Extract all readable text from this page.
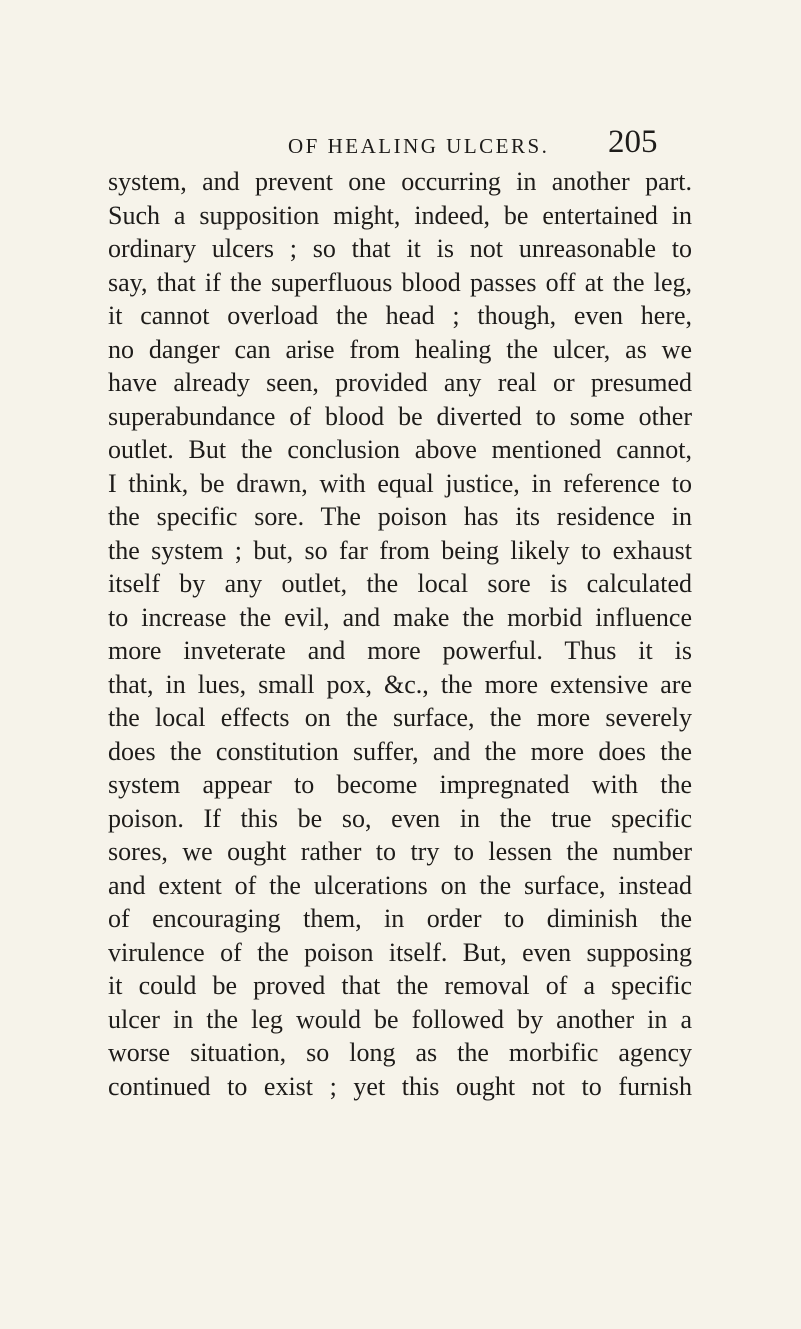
OF HEALING ULCERS. 205
system, and prevent one occurring in another part.
Such a supposition might, indeed, be entertained in
ordinary ulcers ; so that it is not unreasonable to
say, that if the superfluous blood passes off at the leg,
it cannot overload the head ; though, even here,
no danger can arise from healing the ulcer, as we
have already seen, provided any real or presumed
superabundance of blood be diverted to some other
outlet. But the conclusion above mentioned cannot,
I think, be drawn, with equal justice, in reference to
the specific sore. The poison has its residence in
the system ; but, so far from being likely to exhaust
itself by any outlet, the local sore is calculated
to increase the evil, and make the morbid influence
more inveterate and more powerful. Thus it is
that, in lues, small pox, &c., the more extensive are
the local effects on the surface, the more severely
does the constitution suffer, and the more does the
system appear to become impregnated with the
poison. If this be so, even in the true specific
sores, we ought rather to try to lessen the number
and extent of the ulcerations on the surface, instead
of encouraging them, in order to diminish the
virulence of the poison itself. But, even supposing
it could be proved that the removal of a specific
ulcer in the leg would be followed by another in a
worse situation, so long as the morbific agency
continued to exist ; yet this ought not to furnish
